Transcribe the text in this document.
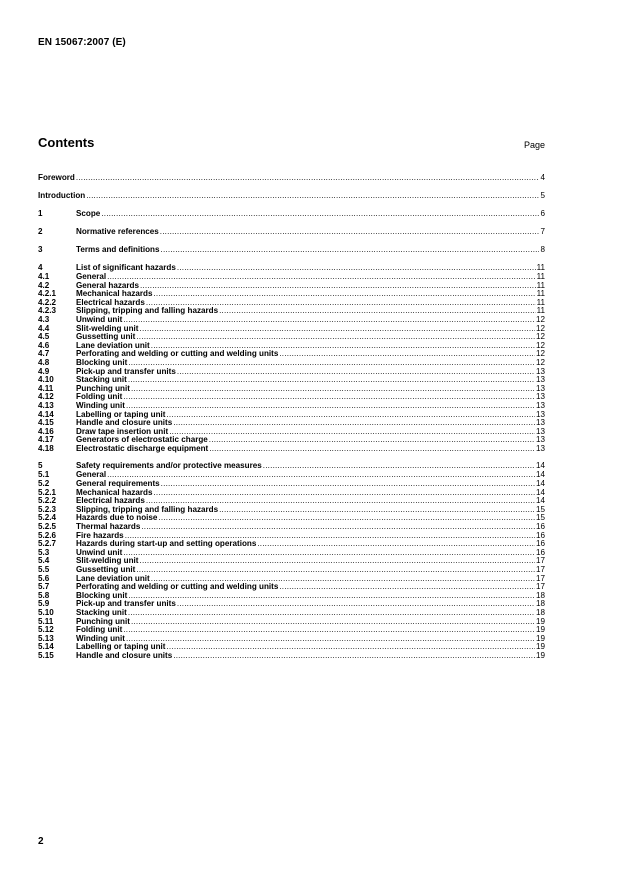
EN 15067:2007 (E)
Contents	Page
Foreword .....	4
Introduction .....	5
1	Scope .....	6
2	Normative references .....	7
3	Terms and definitions .....	8
4	List of significant hazards .....	11
4.1	General .....	11
4.2	General hazards .....	11
4.2.1	Mechanical hazards .....	11
4.2.2	Electrical hazards .....	11
4.2.3	Slipping, tripping and falling hazards .....	11
4.3	Unwind unit .....	12
4.4	Slit-welding unit .....	12
4.5	Gussetting unit .....	12
4.6	Lane deviation unit .....	12
4.7	Perforating and welding or cutting and welding units .....	12
4.8	Blocking unit .....	12
4.9	Pick-up and transfer units .....	13
4.10	Stacking unit .....	13
4.11	Punching unit .....	13
4.12	Folding unit .....	13
4.13	Winding unit .....	13
4.14	Labelling or taping unit .....	13
4.15	Handle and closure units .....	13
4.16	Draw tape insertion unit .....	13
4.17	Generators of electrostatic charge .....	13
4.18	Electrostatic discharge equipment .....	13
5	Safety requirements and/or protective measures .....	14
5.1	General .....	14
5.2	General requirements .....	14
5.2.1	Mechanical hazards .....	14
5.2.2	Electrical hazards .....	14
5.2.3	Slipping, tripping and falling hazards .....	15
5.2.4	Hazards due to noise .....	15
5.2.5	Thermal hazards .....	16
5.2.6	Fire hazards .....	16
5.2.7	Hazards during start-up and setting operations .....	16
5.3	Unwind unit .....	16
5.4	Slit-welding unit .....	17
5.5	Gussetting unit .....	17
5.6	Lane deviation unit .....	17
5.7	Perforating and welding or cutting and welding units .....	17
5.8	Blocking unit .....	18
5.9	Pick-up and transfer units .....	18
5.10	Stacking unit .....	18
5.11	Punching unit .....	19
5.12	Folding unit .....	19
5.13	Winding unit .....	19
5.14	Labelling or taping unit .....	19
5.15	Handle and closure units .....	19
2
